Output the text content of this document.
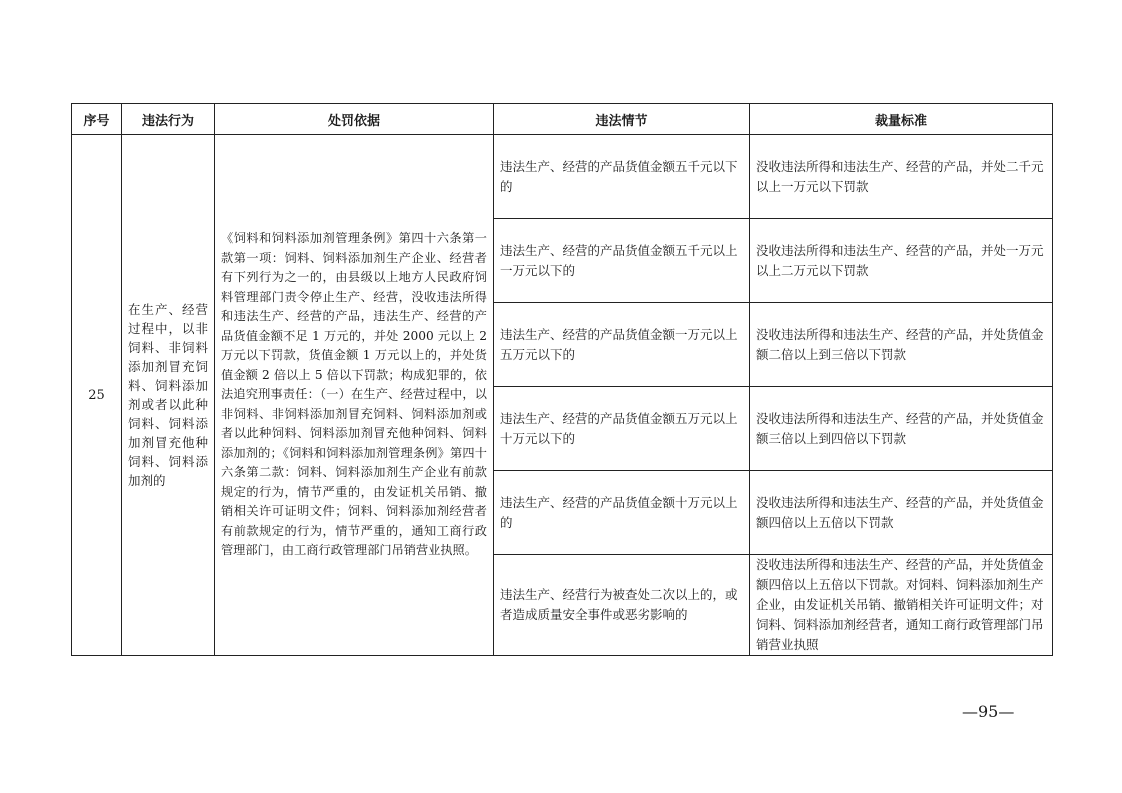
序号	违法行为	处罚依据	违法情节	裁量标准
25	在生产、经营过程中，以非饲料、非饲料添加剂冒充饲料、饲料添加剂或者以此种饲料、饲料添加剂冒充他种饲料、饲料添加剂的	《饲料和饲料添加剂管理条例》第四十六条第一款第一项：饲料、饲料添加剂生产企业、经营者有下列行为之一的，由县级以上地方人民政府饲料管理部门责令停止生产、经营，没收违法所得和违法生产、经营的产品，违法生产、经营的产品货值金额不足 1 万元的，并处 2000 元以上 2 万元以下罚款，货值金额 1 万元以上的，并处货值金额 2 倍以上 5 倍以下罚款；构成犯罪的，依法追究刑事责任：（一）在生产、经营过程中，以非饲料、非饲料添加剂冒充饲料、饲料添加剂或者以此种饲料、饲料添加剂冒充他种饲料、饲料添加剂的；《饲料和饲料添加剂管理条例》第四十六条第二款：饲料、饲料添加剂生产企业有前款规定的行为，情节严重的，由发证机关吊销、撤销相关许可证明文件；饲料、饲料添加剂经营者有前款规定的行为，情节严重的，通知工商行政管理部门，由工商行政管理部门吊销营业执照。	违法生产、经营的产品货值金额五千元以下的	没收违法所得和违法生产、经营的产品，并处二千元以上一万元以下罚款
			违法生产、经营的产品货值金额五千元以上一万元以下的	没收违法所得和违法生产、经营的产品，并处一万元以上二万元以下罚款
			违法生产、经营的产品货值金额一万元以上五万元以下的	没收违法所得和违法生产、经营的产品，并处货值金额二倍以上到三倍以下罚款
			违法生产、经营的产品货值金额五万元以上十万元以下的	没收违法所得和违法生产、经营的产品，并处货值金额三倍以上到四倍以下罚款
			违法生产、经营的产品货值金额十万元以上的	没收违法所得和违法生产、经营的产品，并处货值金额四倍以上五倍以下罚款
			违法生产、经营行为被查处二次以上的，或者造成质量安全事件或恶劣影响的	没收违法所得和违法生产、经营的产品，并处货值金额四倍以上五倍以下罚款。对饲料、饲料添加剂生产企业，由发证机关吊销、撤销相关许可证明文件；对饲料、饲料添加剂经营者，通知工商行政管理部门吊销营业执照
—95—
